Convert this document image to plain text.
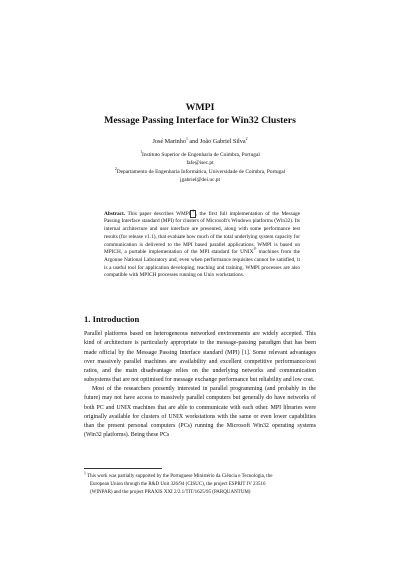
WMPI
Message Passing Interface for Win32 Clusters
José Marinho$^1$ and João Gabriel Silva$^2$
$^1$Instituto Superior de Engenharia de Coimbra, Portugal
fafe@isec.pt
$^2$Departamento de Engenharia Informática, Universidade de Coimbra, Portugal
jgabriel@dei.uc.pt
Abstract. This paper describes WMPI $^1$ , the first full implementation of the Message Passing Interface standard (MPI) for clusters of Microsoft's Windows platforms (Win32). Its internal architecture and user interface are presented, along with some performance test results (for release v1.1), that evaluate how much of the total underlying system capacity for communication is delivered to the MPI based parallel applications. WMPI is based on MPICH, a portable implementation of the MPI standard for UNIX® machines from the Argonne National Laboratory and, even when performance requisites cannot be satisfied, it is a useful tool for application developing, teaching and training. WMPI processes are also compatible with MPICH processes running on Unix workstations.
1. Introduction
Parallel platforms based on heterogeneous networked environments are widely accepted. This kind of architecture is particularly appropriate to the message-passing paradigm that has been made official by the Message Passing Interface standard (MPI) [1]. Some relevant advantages over massively parallel machines are availability and excellent competitive performance/cost ratios, and the main disadvantage relies on the underlying networks and communication subsystems that are not optimised for message exchange performance but reliability and low cost.
Most of the researchers presently interested in parallel programming (and probably in the future) may not have access to massively parallel computers but generally do have networks of both PC and UNIX machines that are able to communicate with each other. MPI libraries were originally available for clusters of UNIX workstations with the same or even lower capabilities than the present personal computers (PCs) running the Microsoft Win32 operating systems (Win32 platforms). Being these PCs
$^1$ This work was partially supported by the Portuguese Ministério da Ciência e Tecnologia, the
European Union through the R&D Unit 326/94 (CISUC), the project ESPRIT IV 23516
(WINPAR) and the project PRAXIS XXI 2/2.1/TIT/1625/95 (PARQUANTUM)
